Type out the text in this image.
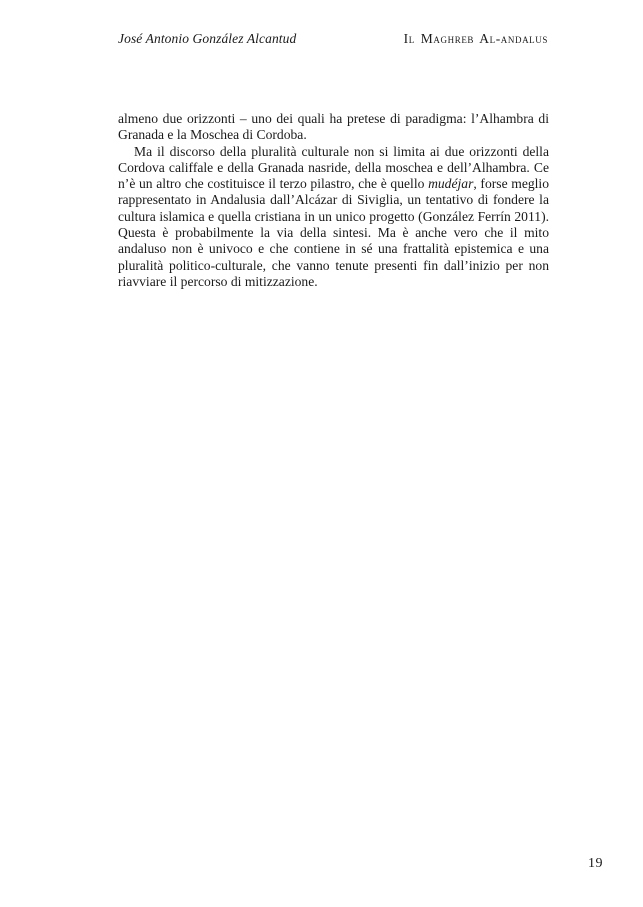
José Antonio González Alcantud	Il Maghreb Al-andalus

almeno due orizzonti – uno dei quali ha pretese di paradigma: l’Alhambra di Granada e la Moschea di Cordoba.

Ma il discorso della pluralità culturale non si limita ai due orizzonti della Cordova califfale e della Granada nasride, della moschea e dell’Alhambra. Ce n’è un altro che costituisce il terzo pilastro, che è quello mudéjar, forse meglio rappresentato in Andalusia dall’Alcázar di Siviglia, un tentativo di fondere la cultura islamica e quella cristiana in un unico progetto (González Ferrín 2011). Questa è probabilmente la via della sintesi. Ma è anche vero che il mito andaluso non è univoco e che contiene in sé una frattalità epistemica e una pluralità politico-culturale, che vanno tenute presenti fin dall’inizio per non riavviare il percorso di mitizzazione.

19
